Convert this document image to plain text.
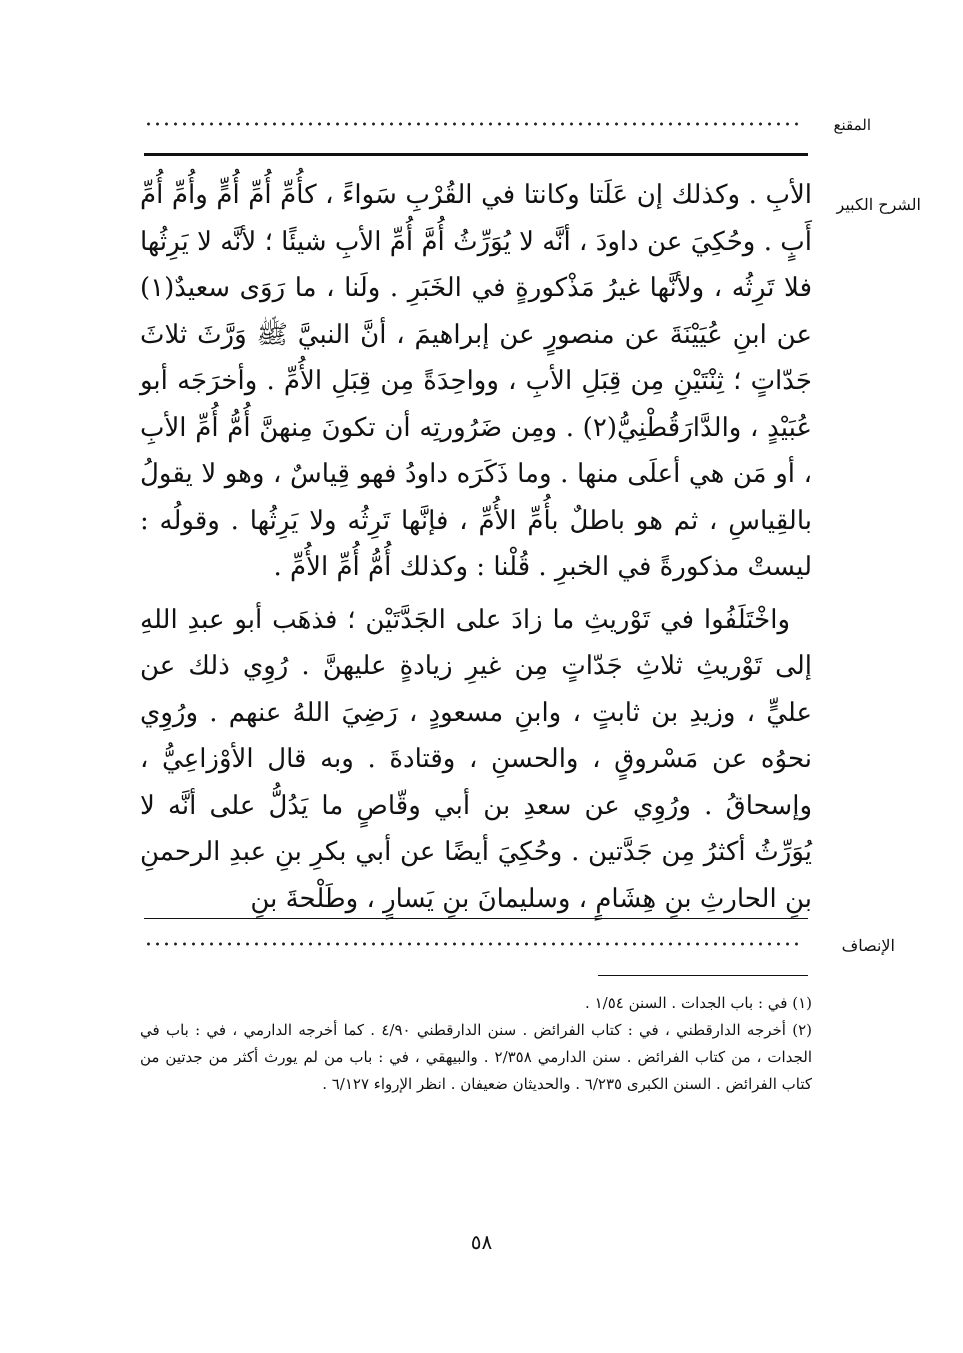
المقنع
الشرح الكبير

الأبِ . وكذلك إن عَلَتا وكانتا في القُرْبِ سَواءً ، كأُمِّ أُمِّ أُمٍّ وأُمِّ أُمِّ أَبٍ . وحُكِيَ عن داودَ ، أنَّه لا يُوَرِّثُ أُمَّ أُمِّ الأبِ شيئًا ؛ لأنَّه لا يَرِثُها فلا تَرِثُه ، ولأنَّها غيرُ مَذْكورةٍ في الخَبَرِ . ولَنا ، ما رَوَى سعيدٌ(١) عن ابنِ عُيَيْنَةَ عن منصورٍ عن إبراهيمَ ، أنَّ النبيَّ ﷺ وَرَّثَ ثلاثَ جَدّاتٍ ؛ ثِنْتَيْنِ مِن قِبَلِ الأبِ ، وواحِدَةً مِن قِبَلِ الأُمِّ . وأخرَجَه أبو عُبَيْدٍ ، والدَّارَقُطْنِيُّ(٢) . ومِن ضَرُورتِه أن تكونَ مِنهنَّ أُمُّ أُمِّ الأبِ ، أو مَن هي أعلَى منها . وما ذَكَرَه داودُ فهو قِياسٌ ، وهو لا يقولُ بالقِياسِ ، ثم هو باطلٌ بأُمِّ الأُمِّ ، فإنَّها تَرِثُه ولا يَرِثُها . وقولُه : ليستْ مذكورةً في الخبرِ . قُلْنا : وكذلك أُمُّ أُمِّ الأُمِّ .

واخْتَلَفُوا في تَوْريثِ ما زادَ على الجَدَّتَيْن ؛ فذهَب أبو عبدِ اللهِ إلى تَوْريثِ ثلاثِ جَدّاتٍ مِن غيرِ زيادةٍ عليهنَّ . رُوِي ذلك عن عليٍّ ، وزيدِ بن ثابتٍ ، وابنِ مسعودٍ ، رَضِيَ اللهُ عنهم . ورُوِي نحوُه عن مَسْروقٍ ، والحسنِ ، وقتادةَ . وبه قال الأوْزاعِيُّ ، وإسحاقُ . ورُوِي عن سعدِ بن أبي وقّاصٍ ما يَدُلُّ على أنَّه لا يُوَرِّثُ أكثرُ مِن جَدَّتين . وحُكِيَ أيضًا عن أبي بكرِ بنِ عبدِ الرحمنِ بنِ الحارثِ بنِ هِشَامٍ ، وسليمانَ بنِ يَسارٍ ، وطَلْحةَ بنِ

الإنصاف

(١) في : باب الجدات . السنن ١/٥٤ .

(٢) أخرجه الدارقطني ، في : كتاب الفرائض . سنن الدارقطني ٤/٩٠ . كما أخرجه الدارمي ، في : باب في الجدات ، من كتاب الفرائض . سنن الدارمي ٢/٣٥٨ . والبيهقي ، في : باب من لم يورث أكثر من جدتين من كتاب الفرائض . السنن الكبرى ٦/٢٣٥ . والحديثان ضعيفان . انظر الإرواء ٦/١٢٧ .

٥٨
